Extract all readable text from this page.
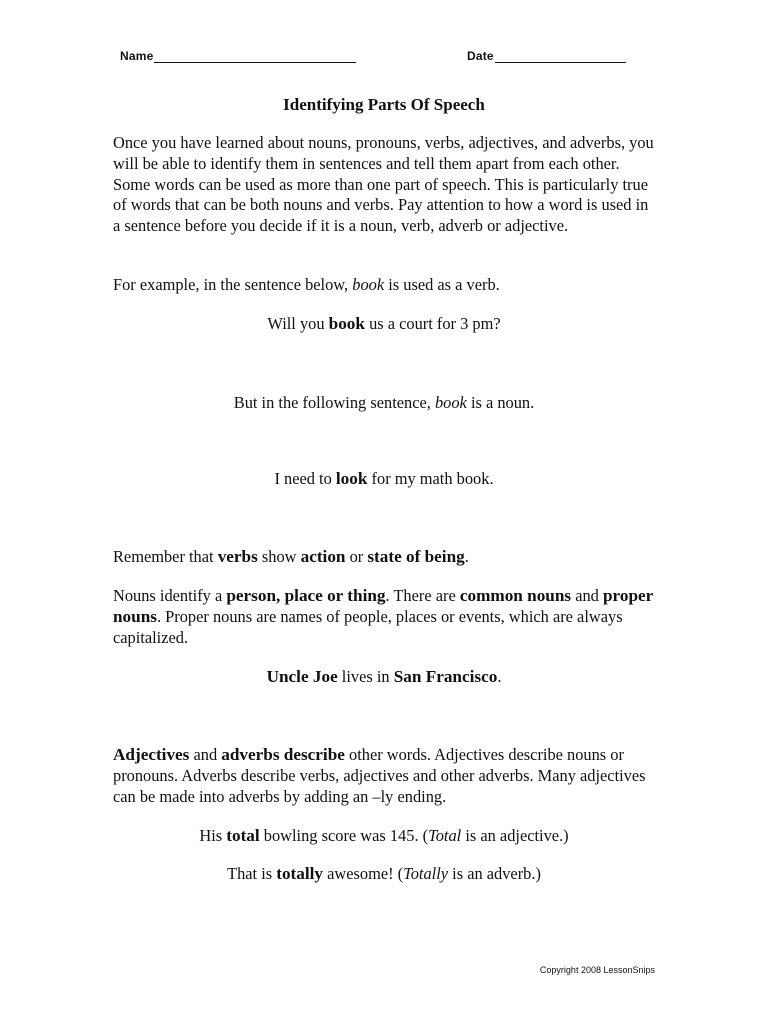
Name	Date
Identifying Parts Of Speech

Once you have learned about nouns, pronouns, verbs, adjectives, and adverbs, you will be able to identify them in sentences and tell them apart from each other. Some words can be used as more than one part of speech. This is particularly true of words that can be both nouns and verbs. Pay attention to how a word is used in a sentence before you decide if it is a noun, verb, adverb or adjective.

For example, in the sentence below, book is used as a verb.

Will you book us a court for 3 pm?

But in the following sentence, book is a noun.

I need to look for my math book.

Remember that verbs show action or state of being.

Nouns identify a person, place or thing. There are common nouns and proper nouns. Proper nouns are names of people, places or events, which are always capitalized.

Uncle Joe lives in San Francisco.

Adjectives and adverbs describe other words. Adjectives describe nouns or pronouns. Adverbs describe verbs, adjectives and other adverbs. Many adjectives can be made into adverbs by adding an –ly ending.

His total bowling score was 145. (Total is an adjective.)

That is totally awesome! (Totally is an adverb.)

Copyright 2008 LessonSnips
